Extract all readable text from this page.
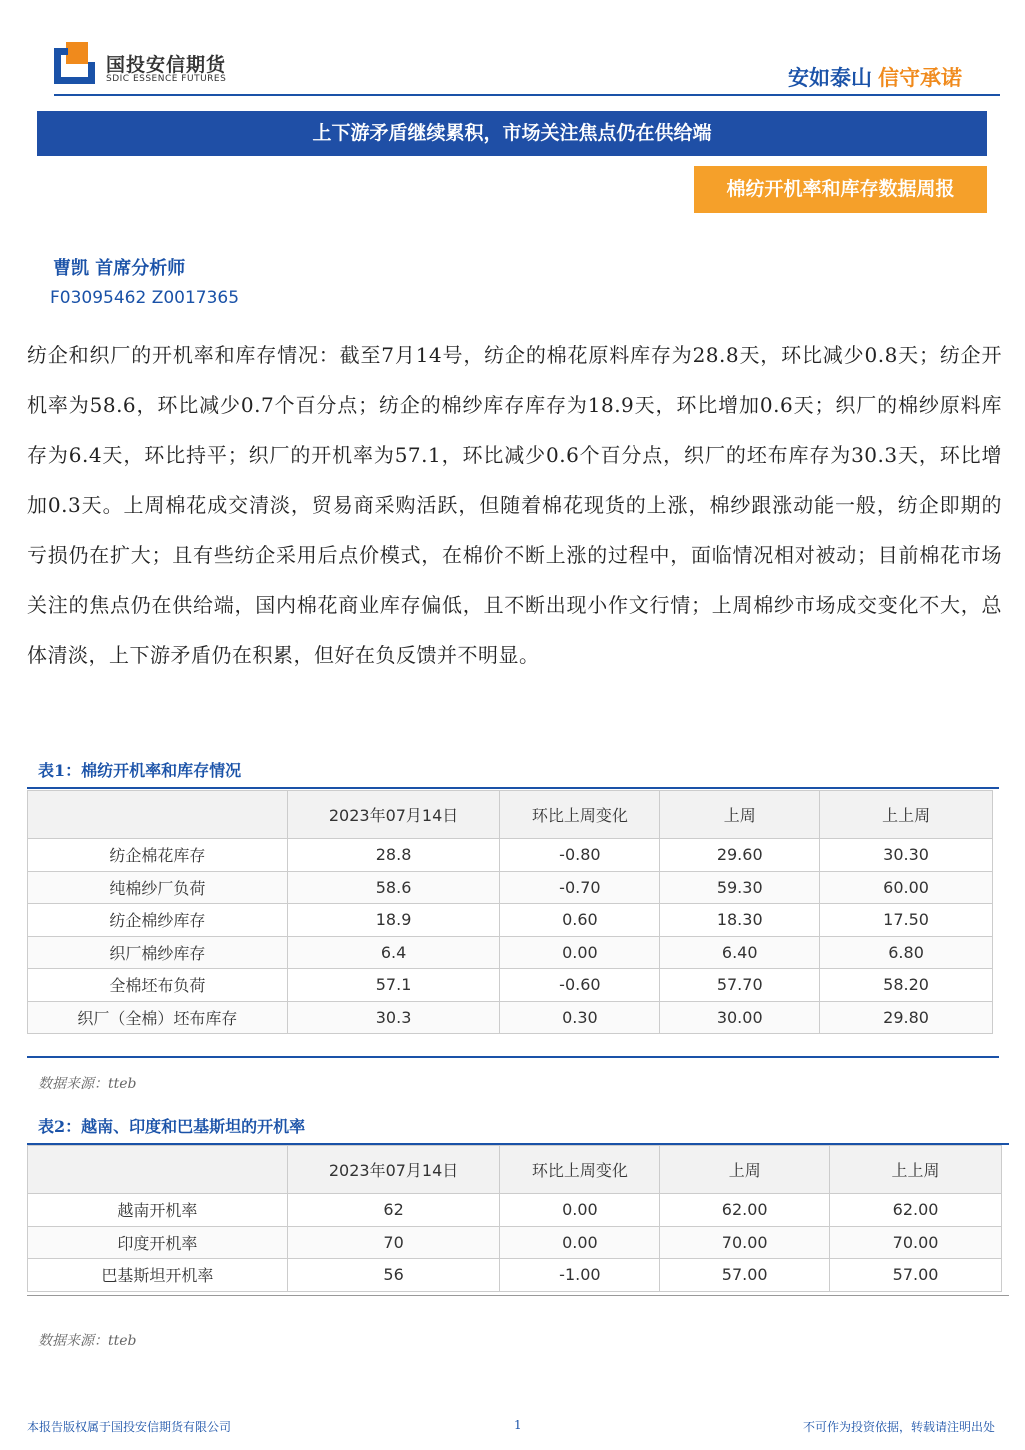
国投安信期货
SDIC ESSENCE FUTURES	安如泰山 信守承诺
上下游矛盾继续累积，市场关注焦点仍在供给端
棉纺开机率和库存数据周报
曹凯 首席分析师
F03095462 Z0017365
纺企和织厂的开机率和库存情况：截至7月14号，纺企的棉花原料库存为28.8天，环比减少0.8天；纺企开机率为58.6，环比减少0.7个百分点；纺企的棉纱库存库存为18.9天，环比增加0.6天；织厂的棉纱原料库存为6.4天，环比持平；织厂的开机率为57.1，环比减少0.6个百分点，织厂的坯布库存为30.3天，环比增加0.3天。上周棉花成交清淡，贸易商采购活跃，但随着棉花现货的上涨，棉纱跟涨动能一般，纺企即期的亏损仍在扩大；且有些纺企采用后点价模式，在棉价不断上涨的过程中，面临情况相对被动；目前棉花市场关注的焦点仍在供给端，国内棉花商业库存偏低，且不断出现小作文行情；上周棉纱市场成交变化不大，总体清淡，上下游矛盾仍在积累，但好在负反馈并不明显。
表1：棉纺开机率和库存情况
	2023年07月14日	环比上周变化	上周	上上周
纺企棉花库存	28.8	-0.80	29.60	30.30
纯棉纱厂负荷	58.6	-0.70	59.30	60.00
纺企棉纱库存	18.9	0.60	18.30	17.50
织厂棉纱库存	6.4	0.00	6.40	6.80
全棉坯布负荷	57.1	-0.60	57.70	58.20
织厂（全棉）坯布库存	30.3	0.30	30.00	29.80
数据来源：tteb
表2：越南、印度和巴基斯坦的开机率
	2023年07月14日	环比上周变化	上周	上上周
越南开机率	62	0.00	62.00	62.00
印度开机率	70	0.00	70.00	70.00
巴基斯坦开机率	56	-1.00	57.00	57.00
数据来源：tteb
本报告版权属于国投安信期货有限公司	1	不可作为投资依据，转载请注明出处
